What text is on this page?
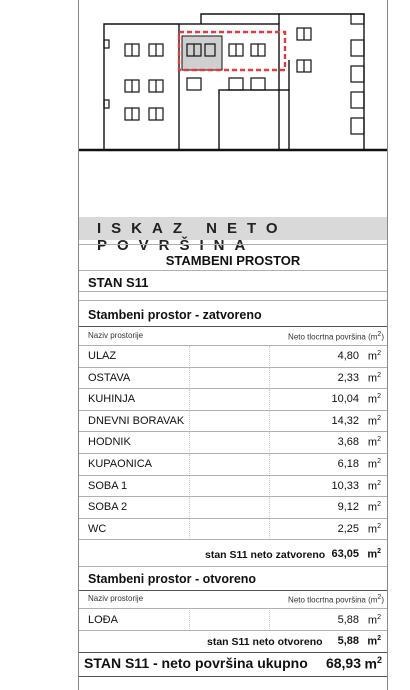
ISKAZ NETO POVRŠINA
STAMBENI PROSTOR
STAN S11
Stambeni prostor - zatvoreno
Naziv prostorije	Neto tlocrtna površina $(m^2)$
ULAZ	4,80 $m^2$
OSTAVA	2,33 $m^2$
KUHINJA	10,04 $m^2$
DNEVNI BORAVAK	14,32 $m^2$
HODNIK	3,68 $m^2$
KUPAONICA	6,18 $m^2$
SOBA 1	10,33 $m^2$
SOBA 2	9,12 $m^2$
WC	2,25 $m^2$
stan S11 neto zatvoreno 63,05 $m^2$
Stambeni prostor - otvoreno
Naziv prostorije	Neto tlocrtna površina $(m^2)$
LOĐA	5,88 $m^2$
stan S11 neto otvoreno 5,88 $m^2$
STAN S11 - neto površina ukupno 68,93 $m^2$
